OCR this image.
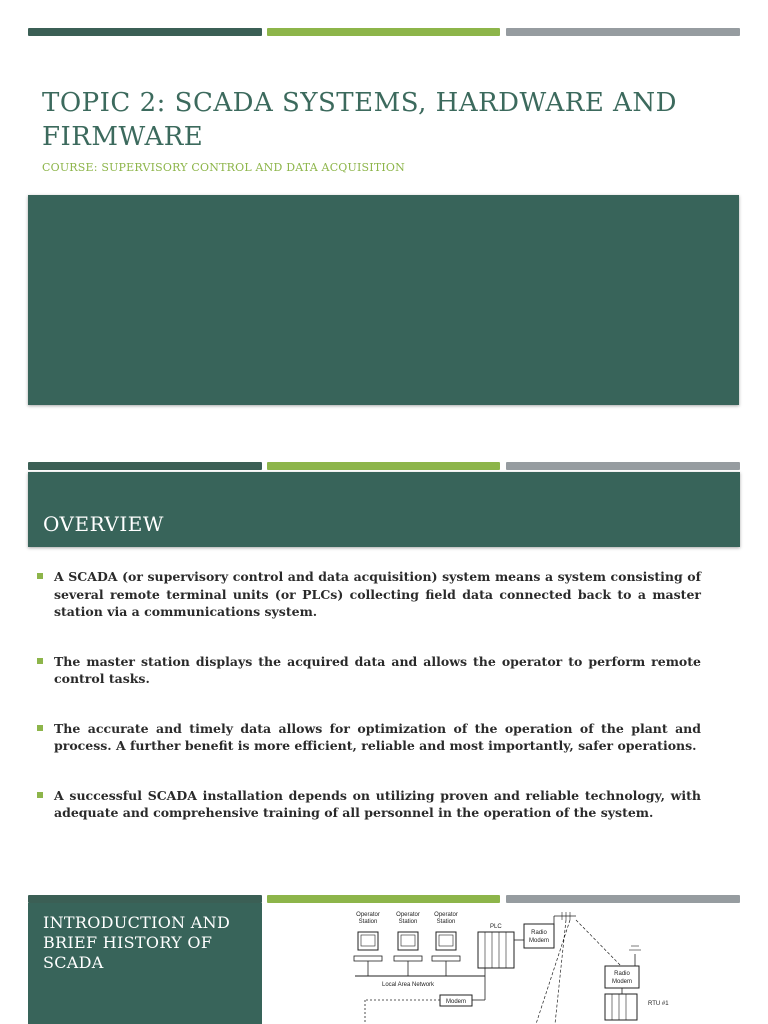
TOPIC 2: SCADA SYSTEMS, HARDWARE AND FIRMWARE
COURSE: SUPERVISORY CONTROL AND DATA ACQUISITION
OVERVIEW
A SCADA (or supervisory control and data acquisition) system means a system consisting of several remote terminal units (or PLCs) collecting field data connected back to a master station via a communications system.
The master station displays the acquired data and allows the operator to perform remote control tasks.
The accurate and timely data allows for optimization of the operation of the plant and process. A further benefit is more efficient, reliable and most importantly, safer operations.
A successful SCADA installation depends on utilizing proven and reliable technology, with adequate and comprehensive training of all personnel in the operation of the system.
INTRODUCTION AND BRIEF HISTORY OF SCADA
Operator
Station
Operator
Station
Operator
Station
PLC
Local Area Network
Radio
Modem
Modem
Radio
Modem
RTU #1
